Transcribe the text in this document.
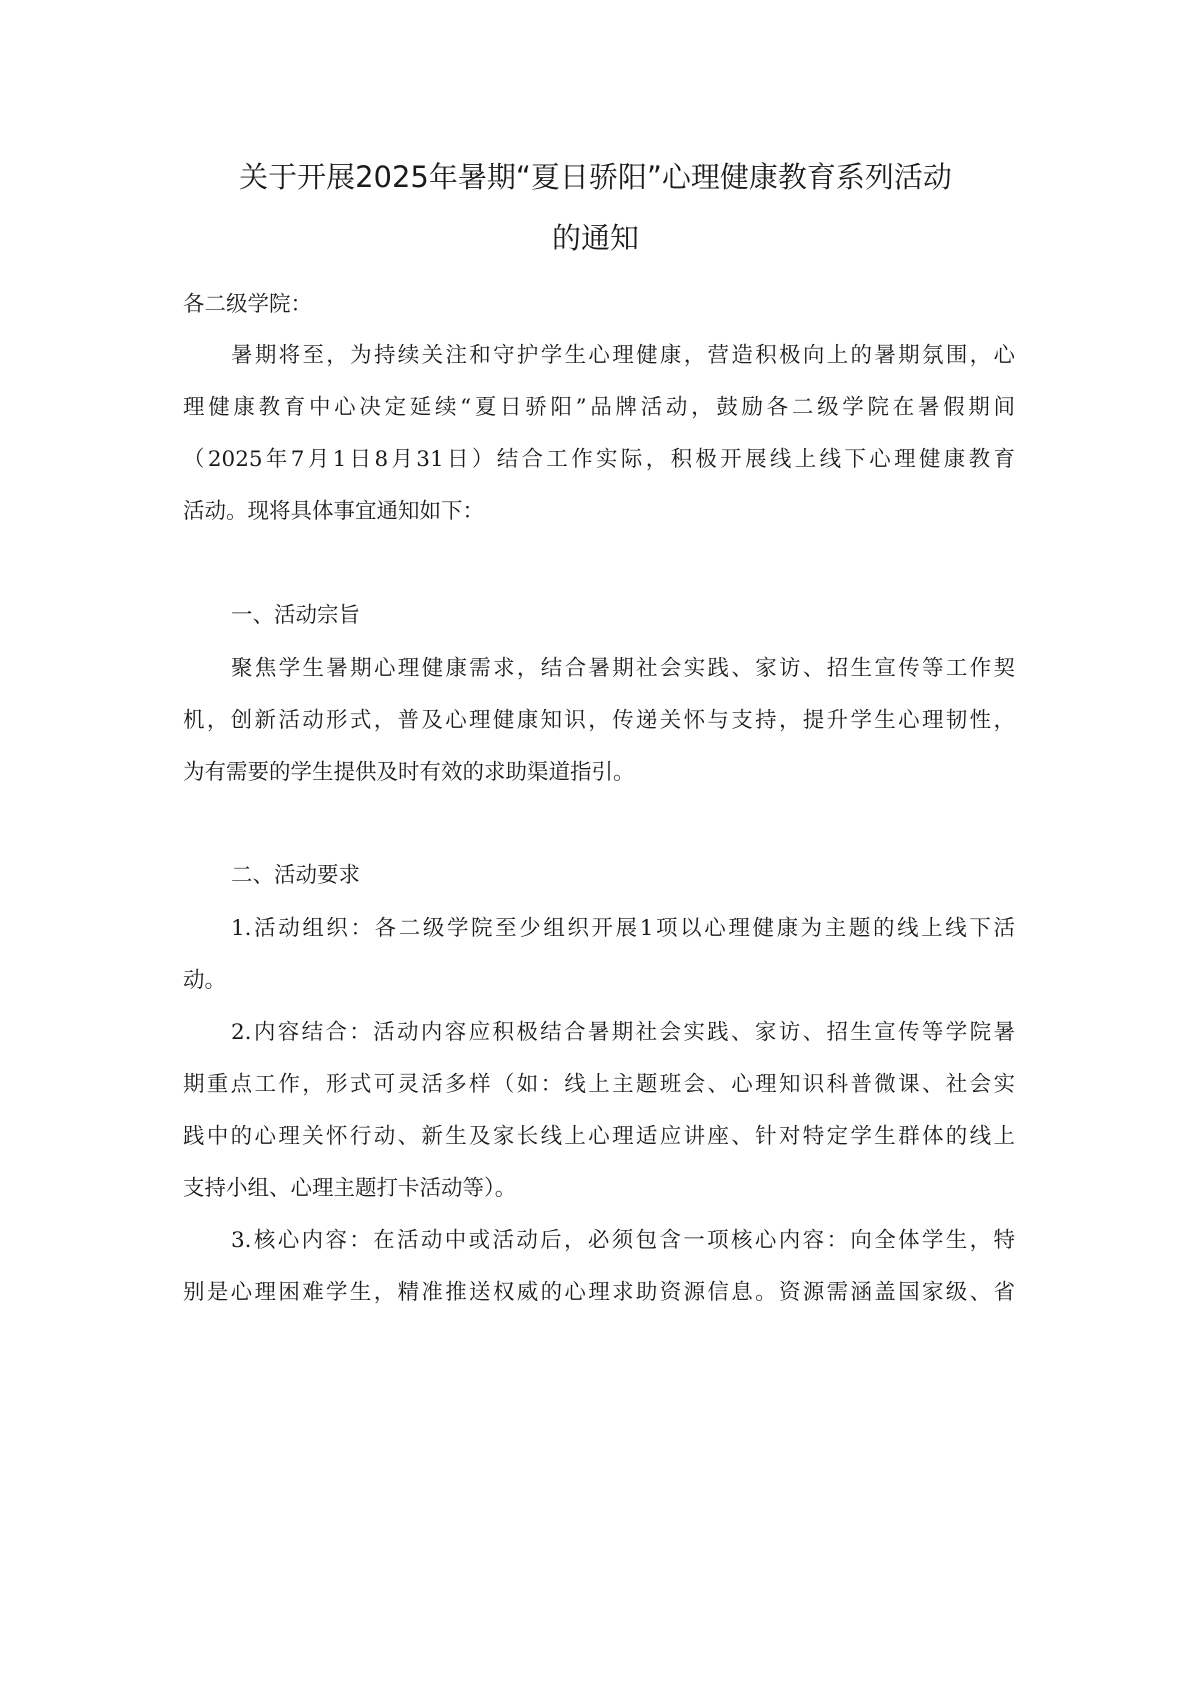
关于开展2025年暑期“夏日骄阳”心理健康教育系列活动
的通知
各二级学院：
暑期将至，为持续关注和守护学生心理健康，营造积极向上的暑期氛围，心
理健康教育中心决定延续“夏日骄阳”品牌活动，鼓励各二级学院在暑假期间
（2025年7月1日8月31日）结合工作实际，积极开展线上线下心理健康教育
活动。现将具体事宜通知如下：
一、活动宗旨
聚焦学生暑期心理健康需求，结合暑期社会实践、家访、招生宣传等工作契
机，创新活动形式，普及心理健康知识，传递关怀与支持，提升学生心理韧性，
为有需要的学生提供及时有效的求助渠道指引。
二、活动要求
1.活动组织：各二级学院至少组织开展1项以心理健康为主题的线上线下活
动。
2.内容结合：活动内容应积极结合暑期社会实践、家访、招生宣传等学院暑
期重点工作，形式可灵活多样（如：线上主题班会、心理知识科普微课、社会实
践中的心理关怀行动、新生及家长线上心理适应讲座、针对特定学生群体的线上
支持小组、心理主题打卡活动等）。
3.核心内容：在活动中或活动后，必须包含一项核心内容：向全体学生，特
别是心理困难学生，精准推送权威的心理求助资源信息。资源需涵盖国家级、省
